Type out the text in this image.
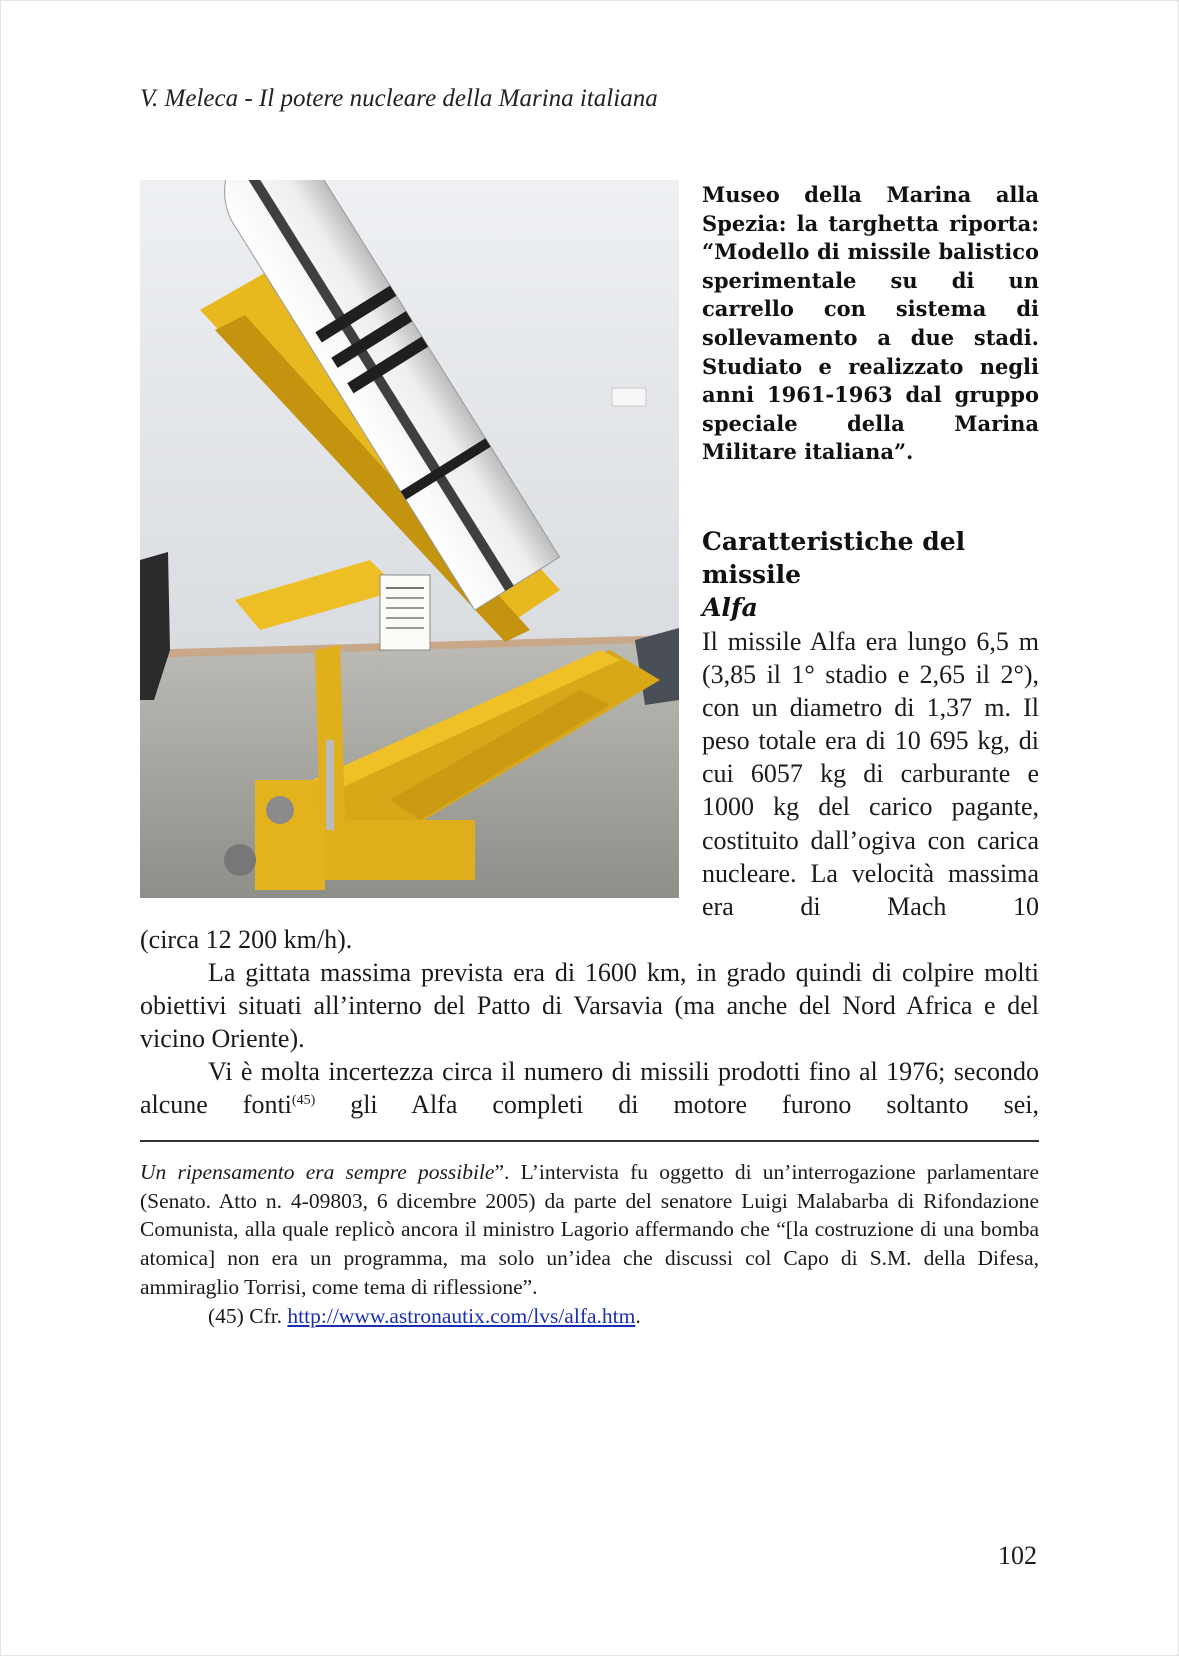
V. Meleca - Il potere nucleare della Marina italiana

Museo della Marina alla Spezia: la targhetta riporta: “Modello di missile balistico sperimentale su di un carrello con sistema di sollevamento a due stadi. Studiato e realizzato negli anni 1961-1963 dal gruppo speciale della Marina Militare italiana”.

Caratteristiche del missile
Alfa

Il missile Alfa era lungo 6,5 m (3,85 il 1° stadio e 2,65 il 2°), con un diametro di 1,37 m. Il peso totale era di 10 695 kg, di cui 6057 kg di carburante e 1000 kg del carico pagante, costituito dall’ogiva con carica nucleare. La velocità massima era di Mach 10

(circa 12 200 km/h).

La gittata massima prevista era di 1600 km, in grado quindi di colpire molti obiettivi situati all’interno del Patto di Varsavia (ma anche del Nord Africa e del vicino Oriente).

Vi è molta incertezza circa il numero di missili prodotti fino al 1976; secondo alcune fonti$^{(45)}$ gli Alfa completi di motore furono soltanto sei,

Un ripensamento era sempre possibile”. L’intervista fu oggetto di un’interrogazione parlamentare (Senato. Atto n. 4-09803, 6 dicembre 2005) da parte del senatore Luigi Malabarba di Rifondazione Comunista, alla quale replicò ancora il ministro Lagorio affermando che “[la costruzione di una bomba atomica] non era un programma, ma solo un’idea che discussi col Capo di S.M. della Difesa, ammiraglio Torrisi, come tema di riflessione”.

(45) Cfr. http://www.astronautix.com/lvs/alfa.htm.

102
